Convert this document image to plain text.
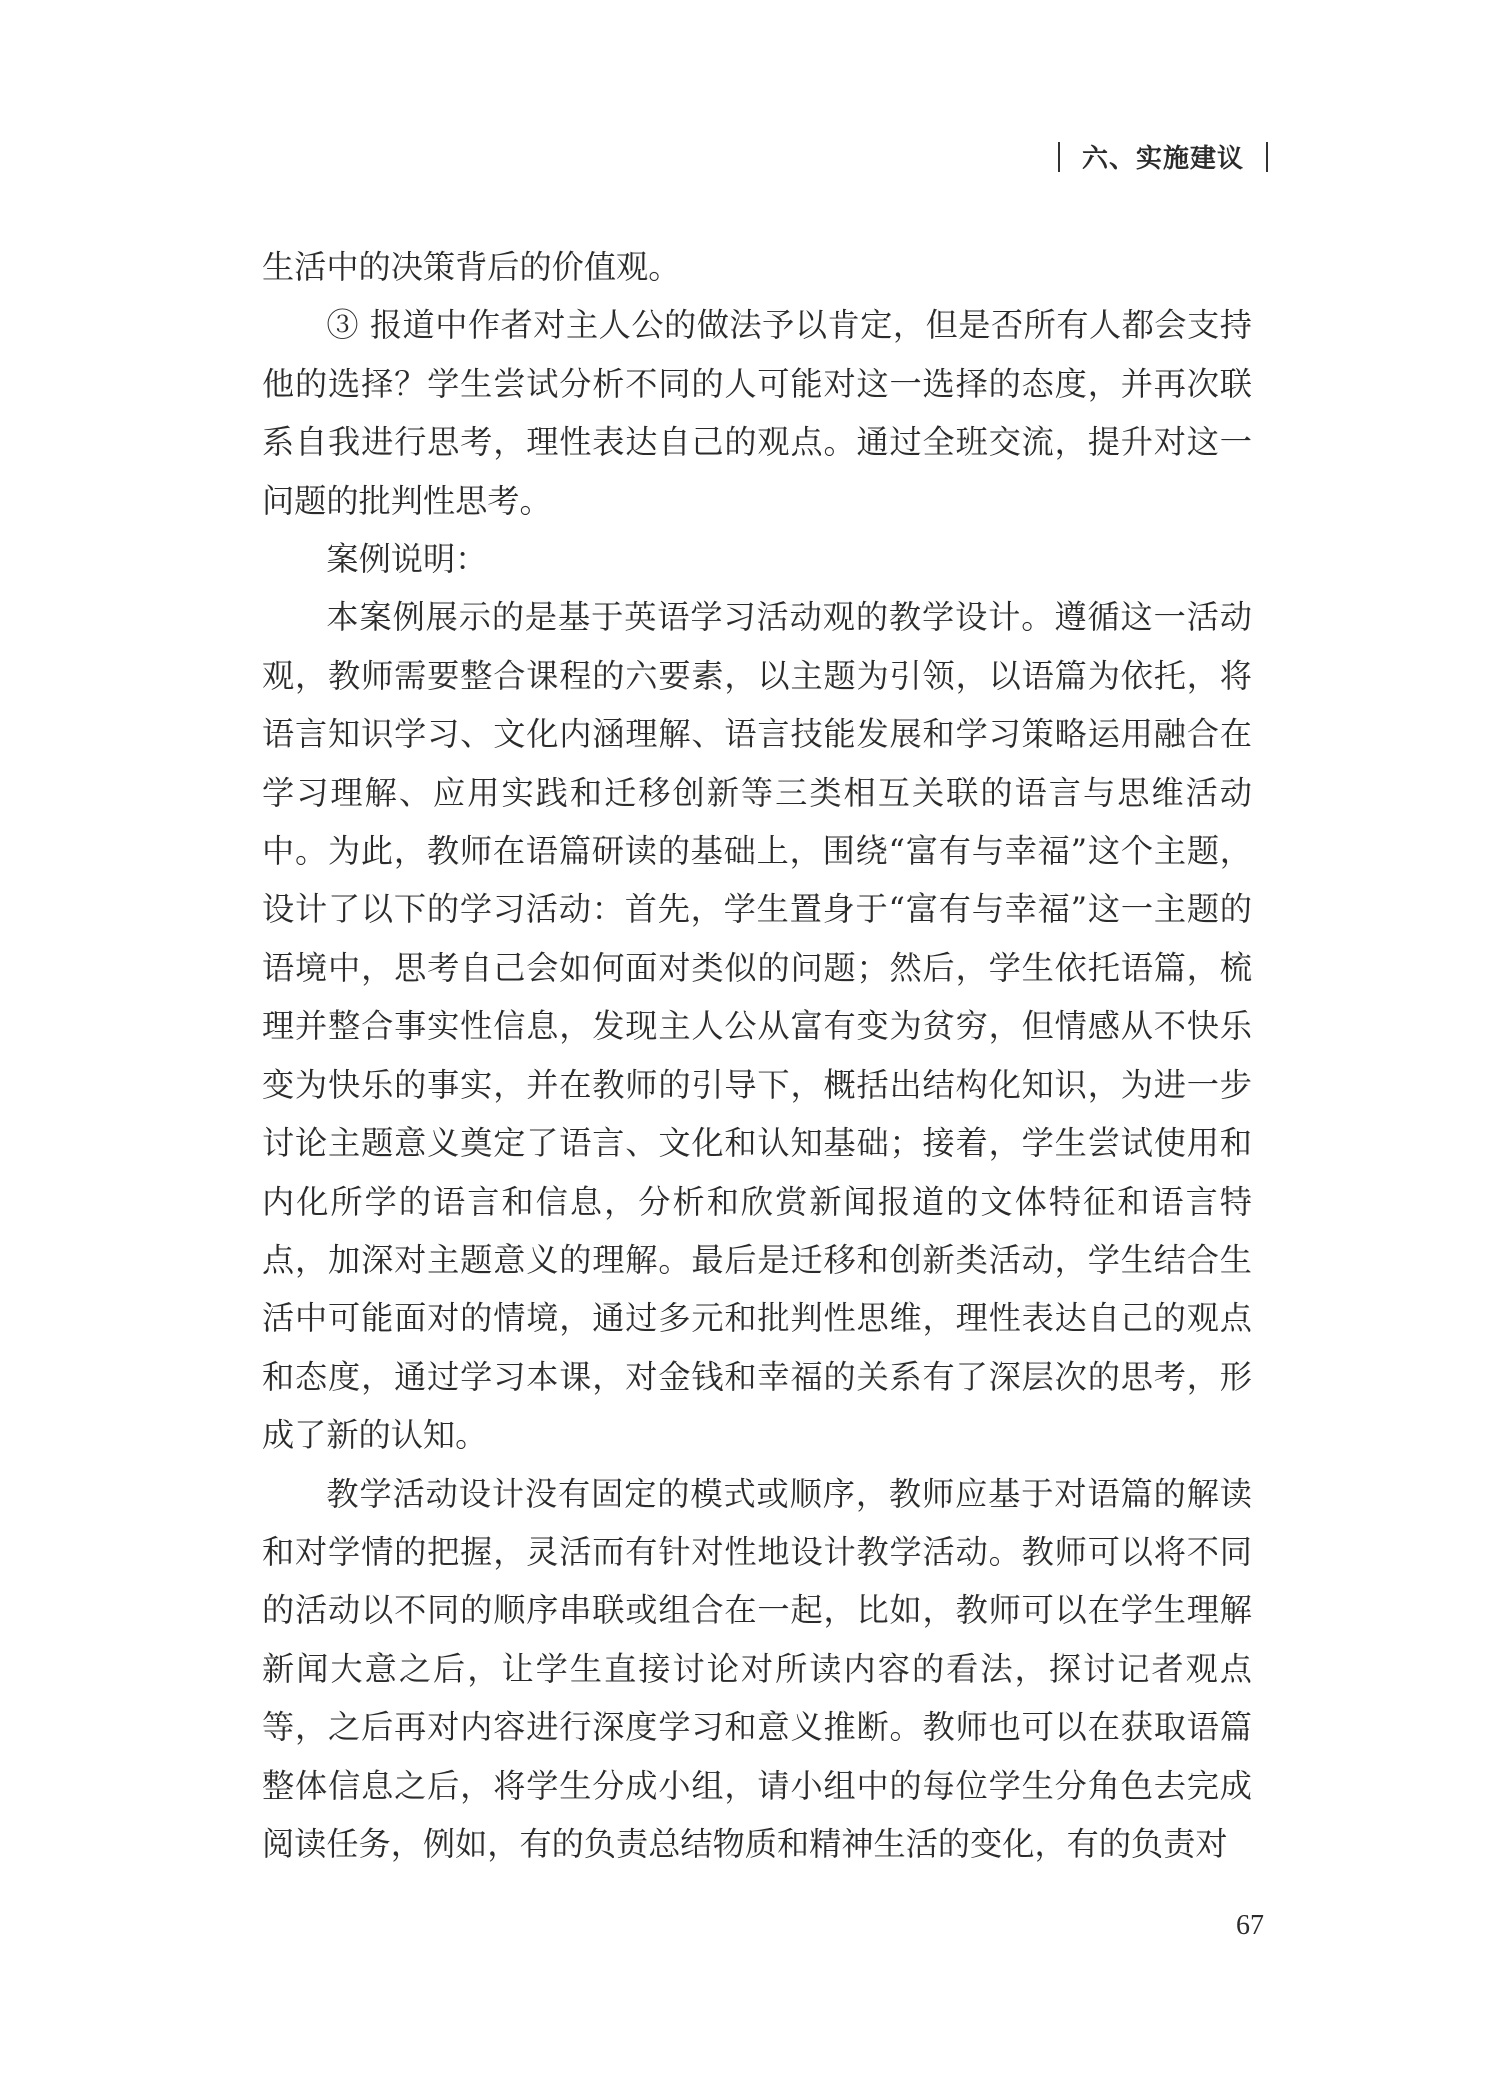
六、实施建议

生活中的决策背后的价值观。

③ 报道中作者对主人公的做法予以肯定，但是否所有人都会支持他的选择？学生尝试分析不同的人可能对这一选择的态度，并再次联系自我进行思考，理性表达自己的观点。通过全班交流，提升对这一问题的批判性思考。

案例说明：

本案例展示的是基于英语学习活动观的教学设计。遵循这一活动观，教师需要整合课程的六要素，以主题为引领，以语篇为依托，将语言知识学习、文化内涵理解、语言技能发展和学习策略运用融合在学习理解、应用实践和迁移创新等三类相互关联的语言与思维活动中。为此，教师在语篇研读的基础上，围绕“富有与幸福”这个主题，设计了以下的学习活动：首先，学生置身于“富有与幸福”这一主题的语境中，思考自己会如何面对类似的问题；然后，学生依托语篇，梳理并整合事实性信息，发现主人公从富有变为贫穷，但情感从不快乐变为快乐的事实，并在教师的引导下，概括出结构化知识，为进一步讨论主题意义奠定了语言、文化和认知基础；接着，学生尝试使用和内化所学的语言和信息，分析和欣赏新闻报道的文体特征和语言特点，加深对主题意义的理解。最后是迁移和创新类活动，学生结合生活中可能面对的情境，通过多元和批判性思维，理性表达自己的观点和态度，通过学习本课，对金钱和幸福的关系有了深层次的思考，形成了新的认知。

教学活动设计没有固定的模式或顺序，教师应基于对语篇的解读和对学情的把握，灵活而有针对性地设计教学活动。教师可以将不同的活动以不同的顺序串联或组合在一起，比如，教师可以在学生理解新闻大意之后，让学生直接讨论对所读内容的看法，探讨记者观点等，之后再对内容进行深度学习和意义推断。教师也可以在获取语篇整体信息之后，将学生分成小组，请小组中的每位学生分角色去完成阅读任务，例如，有的负责总结物质和精神生活的变化，有的负责对

67
